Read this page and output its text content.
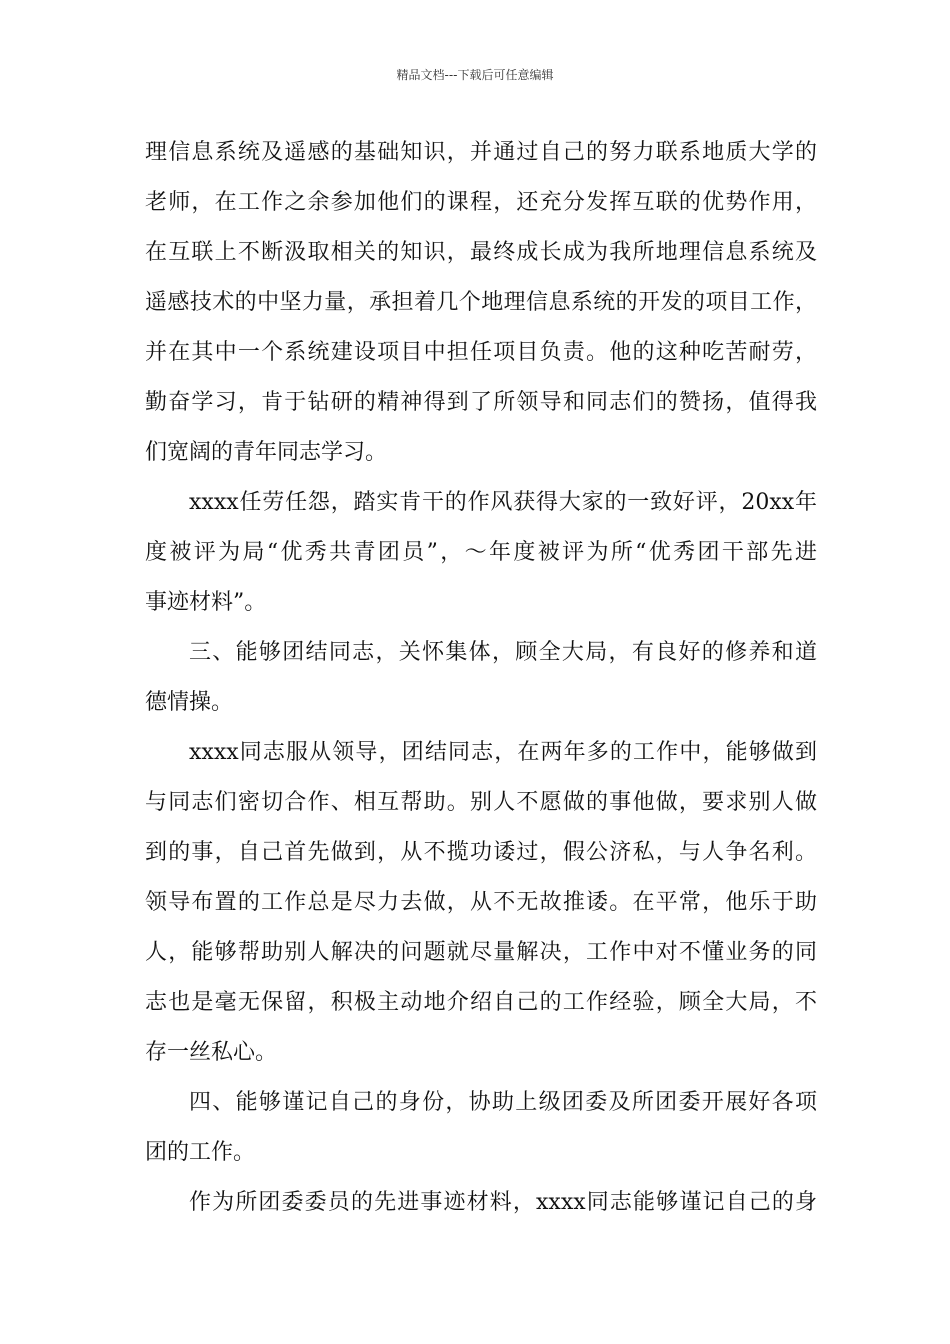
精品文档---下载后可任意编辑
理信息系统及遥感的基础知识，并通过自己的努力联系地质大学的
老师，在工作之余参加他们的课程，还充分发挥互联的优势作用，
在互联上不断汲取相关的知识，最终成长成为我所地理信息系统及
遥感技术的中坚力量，承担着几个地理信息系统的开发的项目工作，
并在其中一个系统建设项目中担任项目负责。他的这种吃苦耐劳，
勤奋学习，肯于钻研的精神得到了所领导和同志们的赞扬，值得我
们宽阔的青年同志学习。
xxxx任劳任怨，踏实肯干的作风获得大家的一致好评，20xx年
度被评为局“优秀共青团员”，～年度被评为所“优秀团干部先进
事迹材料”。
三、能够团结同志，关怀集体，顾全大局，有良好的修养和道
德情操。
xxxx同志服从领导，团结同志，在两年多的工作中，能够做到
与同志们密切合作、相互帮助。别人不愿做的事他做，要求别人做
到的事，自己首先做到，从不揽功诿过，假公济私，与人争名利。
领导布置的工作总是尽力去做，从不无故推诿。在平常，他乐于助
人，能够帮助别人解决的问题就尽量解决，工作中对不懂业务的同
志也是毫无保留，积极主动地介绍自己的工作经验，顾全大局，不
存一丝私心。
四、能够谨记自己的身份，协助上级团委及所团委开展好各项
团的工作。
作为所团委委员的先进事迹材料，xxxx同志能够谨记自己的身
